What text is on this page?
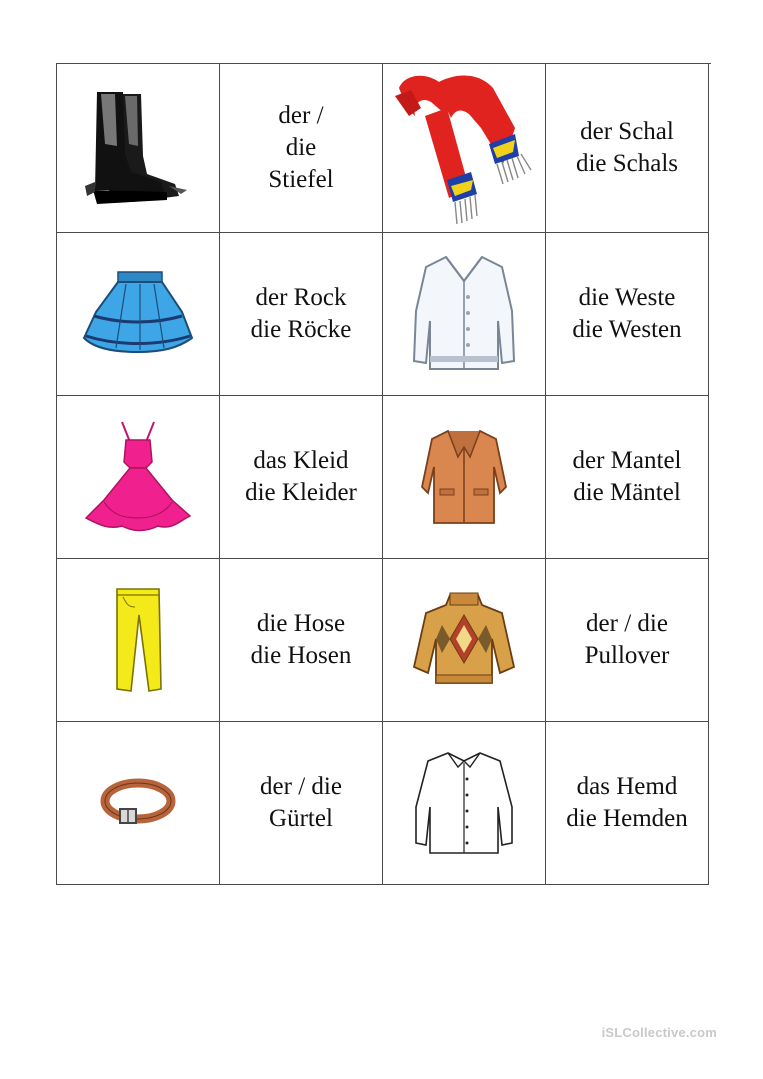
der /
die
Stiefel
der Schal
die Schals
der Rock
die Röcke
die Weste
die Westen
das Kleid
die Kleider
der Mantel
die Mäntel
die Hose
die Hosen
der / die
Pullover
der / die
Gürtel
das Hemd
die Hemden
iSLCollective.com
